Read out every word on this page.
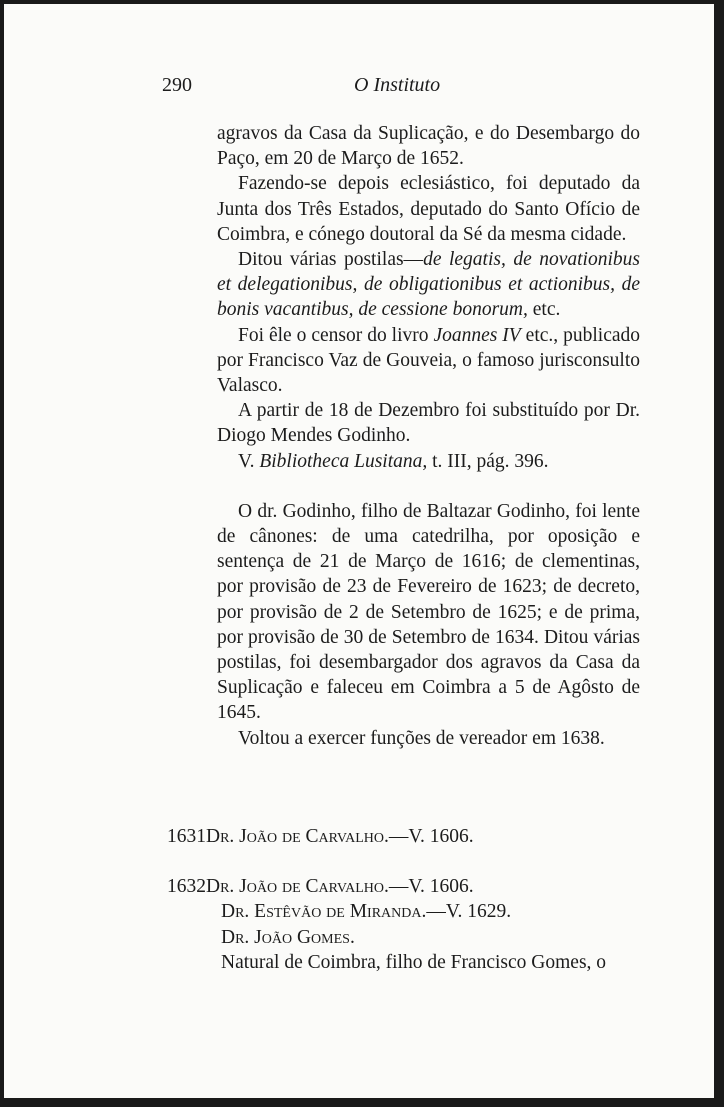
290	O Instituto

agravos da Casa da Suplicação, e do Desembargo do Paço, em 20 de Março de 1652.

Fazendo-se depois eclesiástico, foi deputado da Junta dos Três Estados, deputado do Santo Ofício de Coimbra, e cónego doutoral da Sé da mesma cidade.

Ditou várias postilas—de legatis, de novationibus et delegationibus, de obligationibus et actionibus, de bonis vacantibus, de cessione bonorum, etc.

Foi êle o censor do livro Joannes IV etc., publicado por Francisco Vaz de Gouveia, o famoso jurisconsulto Valasco.

A partir de 18 de Dezembro foi substituído por Dr. Diogo Mendes Godinho.

V. Bibliotheca Lusitana, t. III, pág. 396.

O dr. Godinho, filho de Baltazar Godinho, foi lente de cânones: de uma catedrilha, por oposição e sentença de 21 de Março de 1616; de clementinas, por provisão de 23 de Fevereiro de 1623; de decreto, por provisão de 2 de Setembro de 1625; e de prima, por provisão de 30 de Setembro de 1634. Ditou várias postilas, foi desembargador dos agravos da Casa da Suplicação e faleceu em Coimbra a 5 de Agôsto de 1645.

Voltou a exercer funções de vereador em 1638.

1631Dr. João de Carvalho.—V. 1606.

1632Dr. João de Carvalho.—V. 1606.

Dr. Estêvão de Miranda.—V. 1629.

Dr. João Gomes.

Natural de Coimbra, filho de Francisco Gomes, o
